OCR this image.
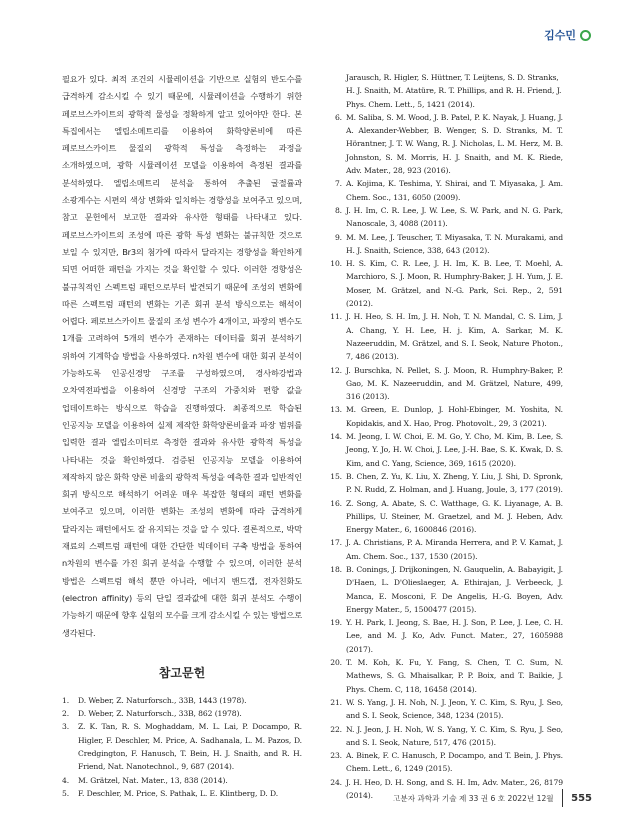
김수민

필요가 있다. 최적 조건의 시뮬레이션을 기반으로 실험의 반도수를 급격하게 감소시킬 수 있기 때문에, 시뮬레이션을 수행하기 위한 페로브스카이트의 광학적 물성을 정확하게 알고 있어야만 한다. 본 특집에서는 엘립소메트리를 이용하여 화학양론비에 따른 페로브스카이트 물질의 광학적 특성을 측정하는 과정을 소개하였으며, 광학 시뮬레이션 모델을 이용하여 측정된 결과를 분석하였다. 엘립소메트리 분석을 통하여 추출된 굴절률과 소광계수는 시편의 색상 변화와 일치하는 경향성을 보여주고 있으며, 참고 문헌에서 보고한 결과와 유사한 형태를 나타내고 있다. 페로브스카이트의 조성에 따른 광학 특성 변화는 불규칙한 것으로 보일 수 있지만, Br3의 첨가에 따라서 달라지는 경향성을 확인하게 되면 어떠한 패턴을 가지는 것을 확인할 수 있다. 이러한 경향성은 불규칙적인 스펙트럼 패턴으로부터 발견되기 때문에 조성의 변화에 따른 스펙트럼 패턴의 변화는 기존 회귀 분석 방식으로는 해석이 어렵다. 페로브스카이트 물질의 조성 변수가 4개이고, 파장의 변수도 1개를 고려하여 5개의 변수가 존재하는 데이터를 회귀 분석하기 위하여 기계학습 방법을 사용하였다. n차원 변수에 대한 회귀 분석이 가능하도록 인공신경망 구조를 구성하였으며, 경사하강법과 오차역전파법을 이용하여 신경망 구조의 가중치와 편향 값을 업데이트하는 방식으로 학습을 진행하였다. 최종적으로 학습된 인공지능 모델을 이용하여 실제 제작한 화학양론비율과 파장 범위를 입력한 결과 엘립소미터로 측정한 결과와 유사한 광학적 특성을 나타내는 것을 확인하였다. 검증된 인공지능 모델을 이용하여 제작하지 않은 화학 양론 비율의 광학적 특성을 예측한 결과 일반적인 회귀 방식으로 해석하기 어려운 매우 복잡한 형태의 패턴 변화를 보여주고 있으며, 이러한 변화는 조성의 변화에 따라 급격하게 달라지는 패턴에서도 잘 유지되는 것을 알 수 있다. 결론적으로, 박막 재료의 스펙트럼 패턴에 대한 간단한 빅데이터 구축 방법을 통하여 n차원의 변수를 가진 회귀 분석을 수행할 수 있으며, 이러한 분석 방법은 스펙트럼 해석 뿐만 아니라, 에너지 밴드갭, 전자친화도(electron affinity) 등의 단일 결과값에 대한 회귀 분석도 수행이 가능하기 때문에 향후 실험의 모수를 크게 감소시킬 수 있는 방법으로 생각된다.

참고문헌
1.	D. Weber, Z. Naturforsch., 33B, 1443 (1978).
2.	D. Weber, Z. Naturforsch., 33B, 862 (1978).
3.	Z. K. Tan, R. S. Moghaddam, M. L. Lai, P. Docampo, R. Higler, F. Deschler, M. Price, A. Sadhanala, L. M. Pazos, D. Credgington, F. Hanusch, T. Bein, H. J. Snaith, and R. H. Friend, Nat. Nanotechnol., 9, 687 (2014).
4.	M. Grätzel, Nat. Mater., 13, 838 (2014).
5.	F. Deschler, M. Price, S. Pathak, L. E. Klintberg, D. D.
Jarausch, R. Higler, S. Hüttner, T. Leijtens, S. D. Stranks, H. J. Snaith, M. Atatüre, R. T. Phillips, and R. H. Friend, J. Phys. Chem. Lett., 5, 1421 (2014).
6. M. Saliba, S. M. Wood, J. B. Patel, P. K. Nayak, J. Huang, J. A. Alexander-Webber, B. Wenger, S. D. Stranks, M. T. Hörantner, J. T. W. Wang, R. J. Nicholas, L. M. Herz, M. B. Johnston, S. M. Morris, H. J. Snaith, and M. K. Riede, Adv. Mater., 28, 923 (2016).
7. A. Kojima, K. Teshima, Y. Shirai, and T. Miyasaka, J. Am. Chem. Soc., 131, 6050 (2009).
8. J. H. Im, C. R. Lee, J. W. Lee, S. W. Park, and N. G. Park, Nanoscale, 3, 4088 (2011).
9. M. M. Lee, J. Teuscher, T. Miyasaka, T. N. Murakami, and H. J. Snaith, Science, 338, 643 (2012).
10. H. S. Kim, C. R. Lee, J. H. Im, K. B. Lee, T. Moehl, A. Marchioro, S. J. Moon, R. Humphry-Baker, J. H. Yum, J. E. Moser, M. Grätzel, and N.-G. Park, Sci. Rep., 2, 591 (2012).
11. J. H. Heo, S. H. Im, J. H. Noh, T. N. Mandal, C. S. Lim, J. A. Chang, Y. H. Lee, H. j. Kim, A. Sarkar, M. K. Nazeeruddin, M. Grätzel, and S. I. Seok, Nature Photon., 7, 486 (2013).
12. J. Burschka, N. Pellet, S. J. Moon, R. Humphry-Baker, P. Gao, M. K. Nazeeruddin, and M. Grätzel, Nature, 499, 316 (2013).
13. M. Green, E. Dunlop, J. Hohl-Ebinger, M. Yoshita, N. Kopidakis, and X. Hao, Prog. Photovolt., 29, 3 (2021).
14. M. Jeong, I. W. Choi, E. M. Go, Y. Cho, M. Kim, B. Lee, S. Jeong, Y. Jo, H. W. Choi, J. Lee, J.-H. Bae, S. K. Kwak, D. S. Kim, and C. Yang, Science, 369, 1615 (2020).
15. B. Chen, Z. Yu, K. Liu, X. Zheng, Y. Liu, J. Shi, D. Spronk, P. N. Rudd, Z. Holman, and J. Huang, Joule, 3, 177 (2019).
16. Z. Song, A. Abate, S. C. Watthage, G. K. Liyanage, A. B. Phillips, U. Steiner, M. Graetzel, and M. J. Heben, Adv. Energy Mater., 6, 1600846 (2016).
17. J. A. Christians, P. A. Miranda Herrera, and P. V. Kamat, J. Am. Chem. Soc., 137, 1530 (2015).
18. B. Conings, J. Drijkoningen, N. Gauquelin, A. Babayigit, J. D'Haen, L. D'Olieslaeger, A. Ethirajan, J. Verbeeck, J. Manca, E. Mosconi, F. De Angelis, H.-G. Boyen, Adv. Energy Mater., 5, 1500477 (2015).
19. Y. H. Park, I. Jeong, S. Bae, H. J. Son, P. Lee, J. Lee, C. H. Lee, and M. J. Ko, Adv. Funct. Mater., 27, 1605988 (2017).
20. T. M. Koh, K. Fu, Y. Fang, S. Chen, T. C. Sum, N. Mathews, S. G. Mhaisalkar, P. P. Boix, and T. Baikie, J. Phys. Chem. C, 118, 16458 (2014).
21. W. S. Yang, J. H. Noh, N. J. Jeon, Y. C. Kim, S. Ryu, J. Seo, and S. I. Seok, Science, 348, 1234 (2015).
22. N. J. Jeon, J. H. Noh, W. S. Yang, Y. C. Kim, S. Ryu, J. Seo, and S. I. Seok, Nature, 517, 476 (2015).
23. A. Binek, F. C. Hanusch, P. Docampo, and T. Bein, J. Phys. Chem. Lett., 6, 1249 (2015).
24. J. H. Heo, D. H. Song, and S. H. Im, Adv. Mater., 26, 8179 (2014).	고분자 과학과 기술 제 33 권 6 호 2022년 12월 555
